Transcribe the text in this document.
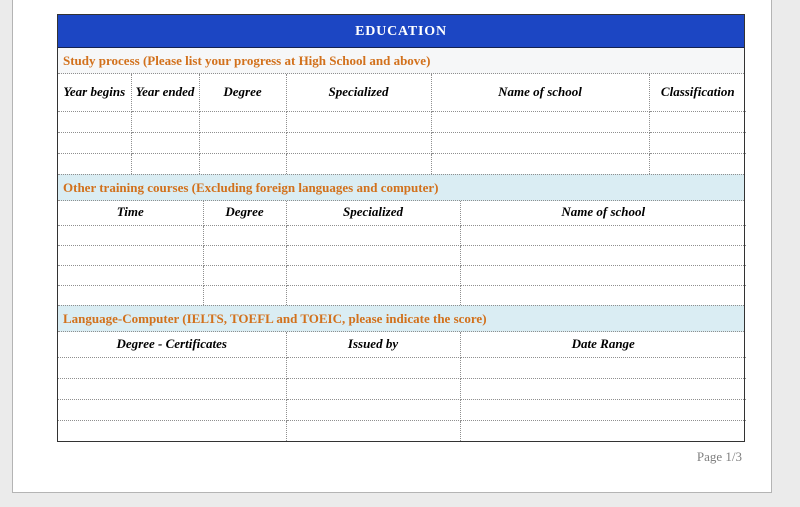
EDUCATION
Study process (Please list your progress at High School and above)
Year begins	Year ended	Degree	Specialized	Name of school	Classification

Other training courses (Excluding foreign languages and computer)
Time	Degree	Specialized	Name of school

Language-Computer (IELTS, TOEFL and TOEIC, please indicate the score)
Degree - Certificates	Issued by	Date Range

Page 1/3
